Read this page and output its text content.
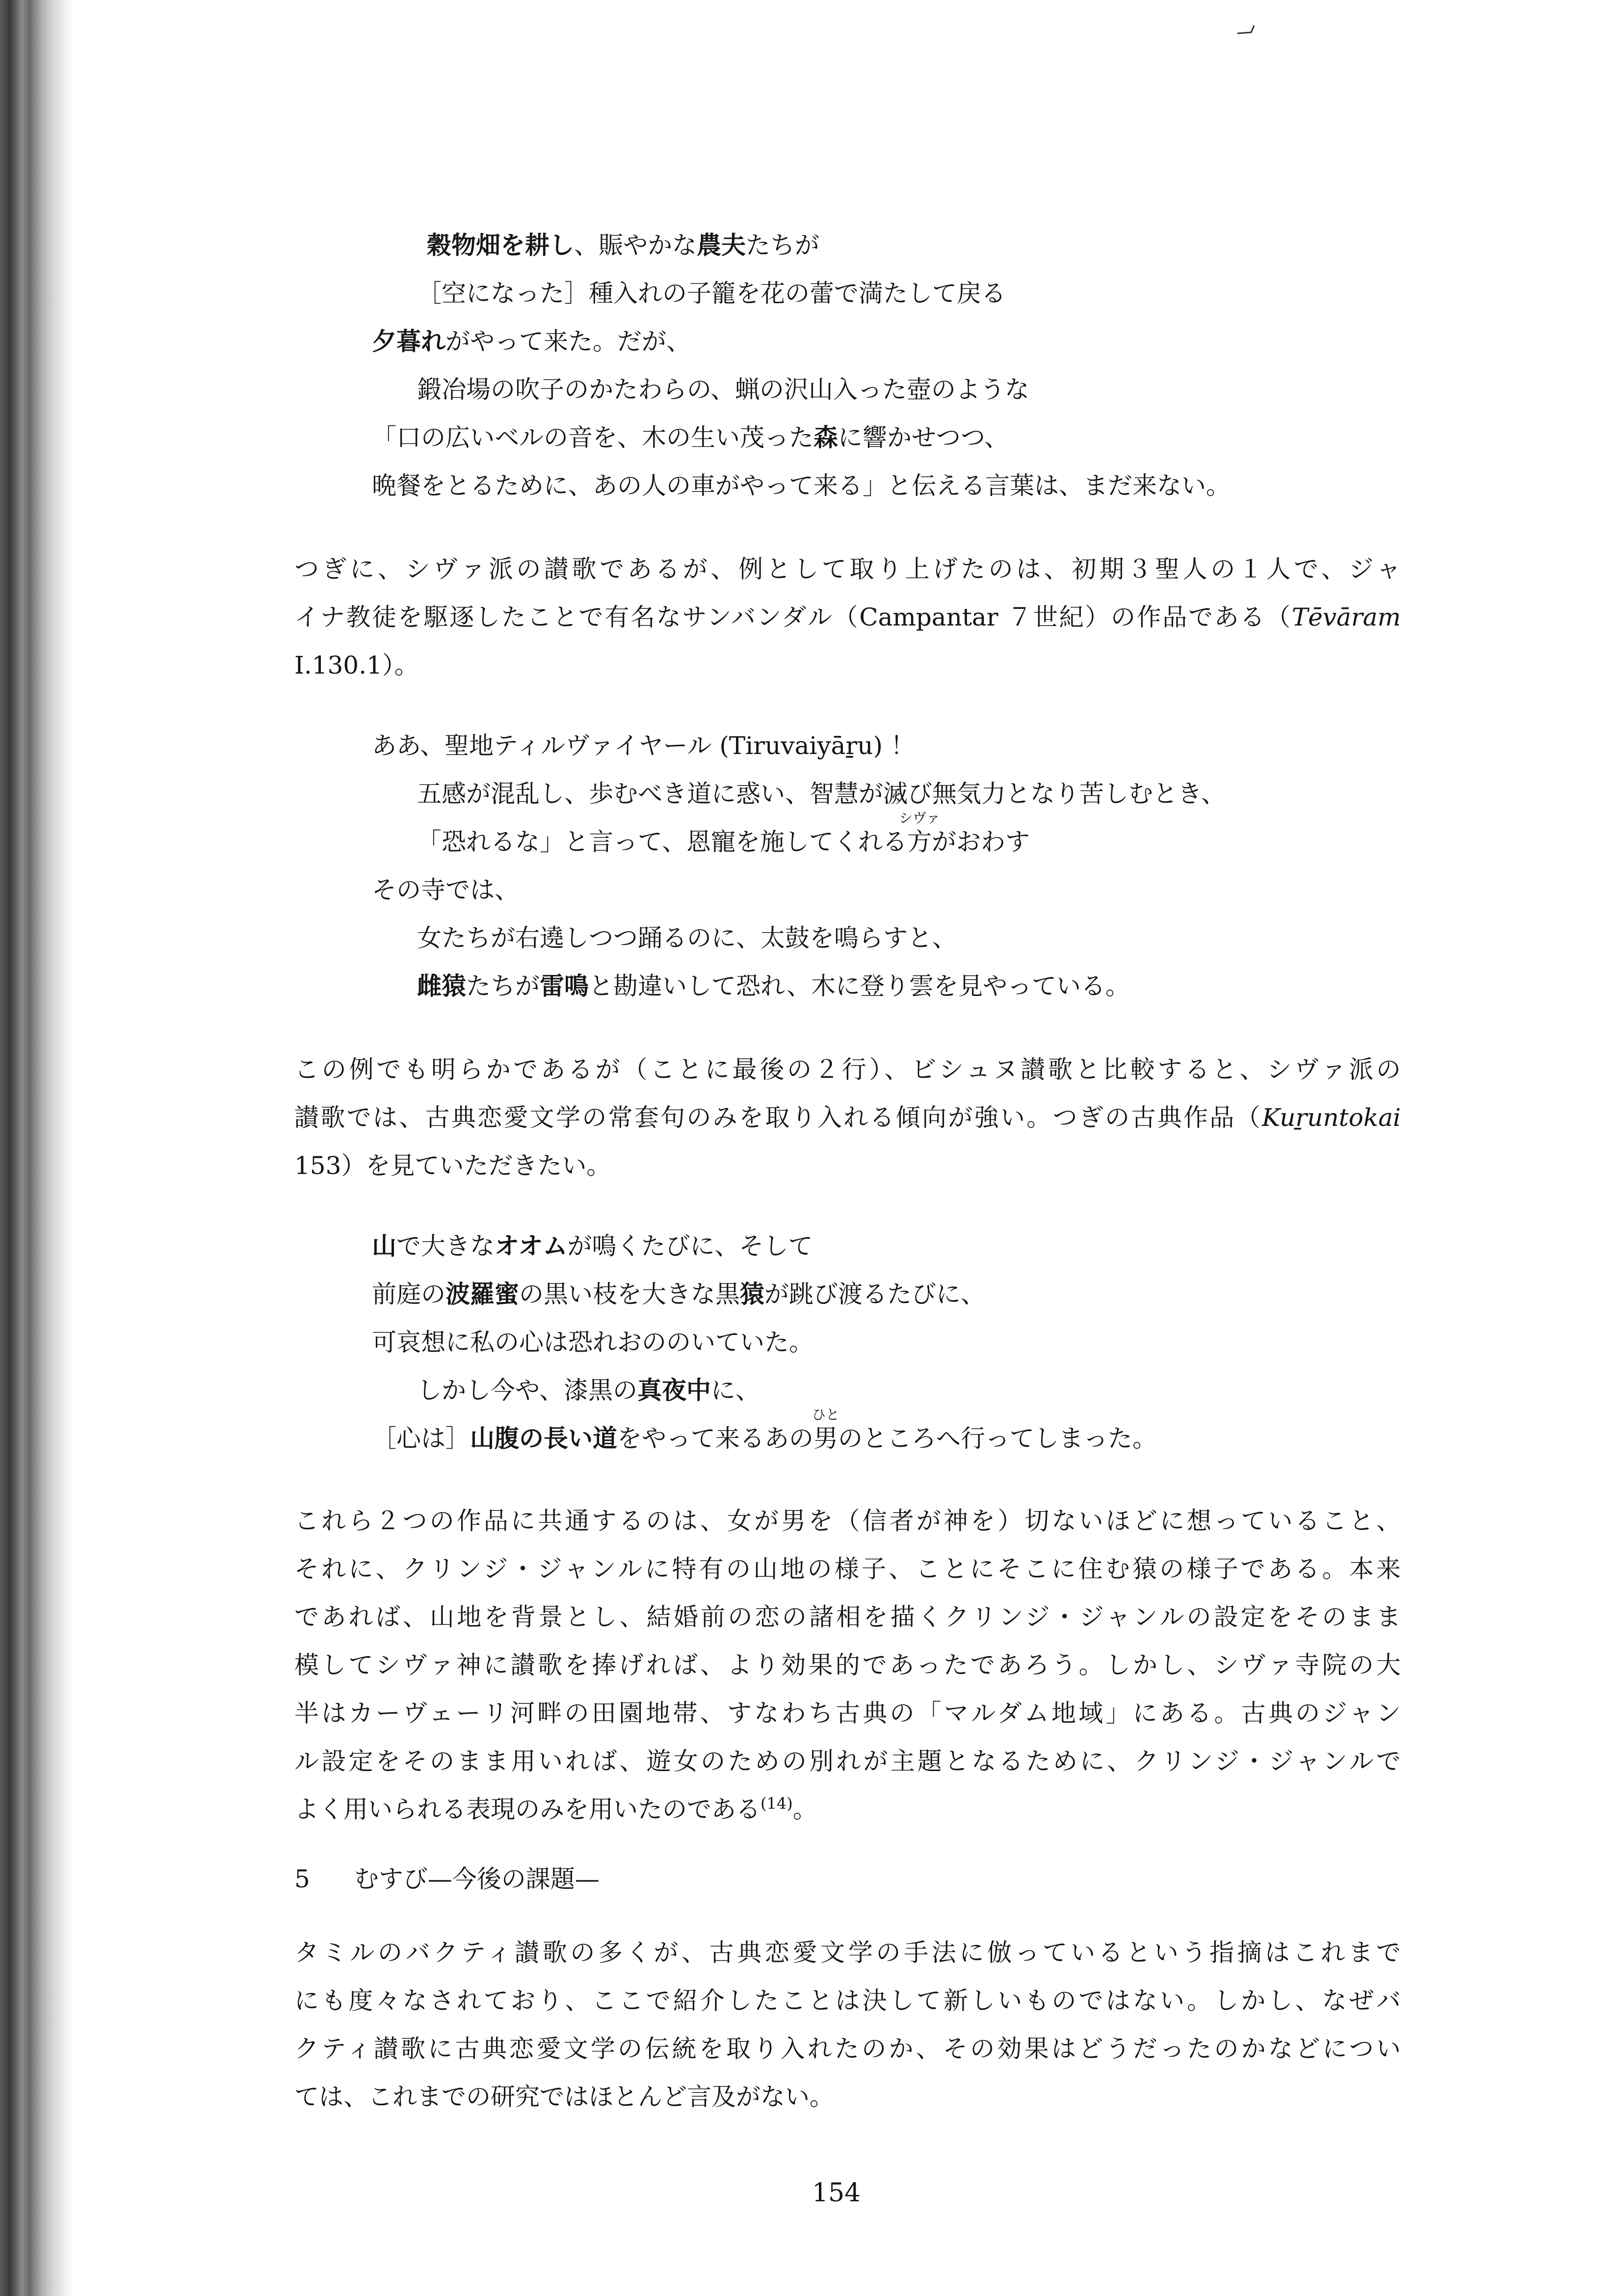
穀物畑を耕し、賑やかな農夫たちが
［空になった］種入れの子籠を花の蕾で満たして戻る
夕暮れがやって来た。だが、
鍛冶場の吹子のかたわらの、蝋の沢山入った壺のような
「口の広いベルの音を、木の生い茂った森に響かせつつ、
晩餐をとるために、あの人の車がやって来る」と伝える言葉は、まだ来ない。
つぎに、シヴァ派の讃歌であるが、例として取り上げたのは、初期３聖人の１人で、ジャ
イナ教徒を駆逐したことで有名なサンバンダル（Campantar ７世紀）の作品である（Tēvāram
I.130.1）。
ああ、聖地ティルヴァイヤール (Tiruvaiyāṟu) ！
五感が混乱し、歩むべき道に惑い、智慧が滅び無気力となり苦しむとき、
「恐れるな」と言って、恩寵を施してくれる
シヴァ
方がおわす
その寺では、
女たちが右遶しつつ踊るのに、太鼓を鳴らすと、
雌猿たちが雷鳴と勘違いして恐れ、木に登り雲を見やっている。
この例でも明らかであるが（ことに最後の２行）、ビシュヌ讃歌と比較すると、シヴァ派の
讃歌では、古典恋愛文学の常套句のみを取り入れる傾向が強い。つぎの古典作品（Kuṟuntokai
153）を見ていただきたい。
山で大きなオオムが鳴くたびに、そして
前庭の波羅蜜の黒い枝を大きな黒猿が跳び渡るたびに、
可哀想に私の心は恐れおののいていた。
しかし今や、漆黒の真夜中に、
［心は］山腹の長い道をやって来るあの
ひと
男のところへ行ってしまった。
これら２つの作品に共通するのは、女が男を（信者が神を）切ないほどに想っていること、
それに、クリンジ・ジャンルに特有の山地の様子、ことにそこに住む猿の様子である。本来
であれば、山地を背景とし、結婚前の恋の諸相を描くクリンジ・ジャンルの設定をそのまま
模してシヴァ神に讃歌を捧げれば、より効果的であったであろう。しかし、シヴァ寺院の大
半はカーヴェーリ河畔の田園地帯、すなわち古典の「マルダム地域」にある。古典のジャン
ル設定をそのまま用いれば、遊女のための別れが主題となるために、クリンジ・ジャンルで
よく用いられる表現のみを用いたのである$^{(14)}$。
5 むすび—今後の課題—
タミルのバクティ讃歌の多くが、古典恋愛文学の手法に倣っているという指摘はこれまで
にも度々なされており、ここで紹介したことは決して新しいものではない。しかし、なぜバ
クティ讃歌に古典恋愛文学の伝統を取り入れたのか、その効果はどうだったのかなどについ
ては、これまでの研究ではほとんど言及がない。
154
